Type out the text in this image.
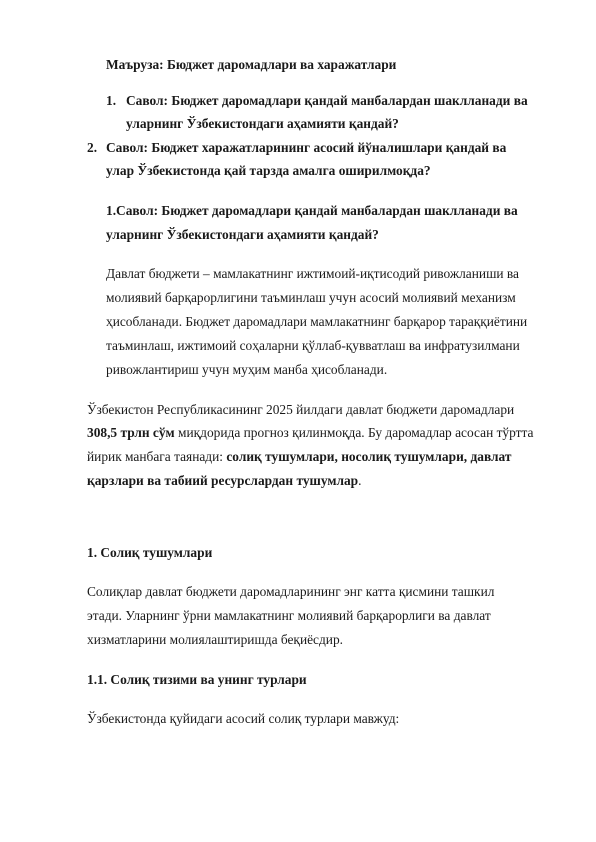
Маъруза: Бюджет даромадлари ва харажатлари
1. Савол: Бюджет даромадлари қандай манбалардан шаклланади ва
уларнинг Ўзбекистондаги аҳамияти қандай?
2. Савол: Бюджет харажатларининг асосий йўналишлари қандай ва
улар Ўзбекистонда қай тарзда амалга оширилмоқда?
1.Савол: Бюджет даромадлари қандай манбалардан шаклланади ва
уларнинг Ўзбекистондаги аҳамияти қандай?
Давлат бюджети – мамлакатнинг ижтимоий-иқтисодий ривожланиши ва
молиявий барқарорлигини таъминлаш учун асосий молиявий механизм
ҳисобланади. Бюджет даромадлари мамлакатнинг барқарор тараққиётини
таъминлаш, ижтимоий соҳаларни қўллаб-қувватлаш ва инфратузилмани
ривожлантириш учун муҳим манба ҳисобланади.
Ўзбекистон Республикасининг 2025 йилдаги давлат бюджети даромадлари
308,5 трлн сўм миқдорида прогноз қилинмоқда. Бу даромадлар асосан тўртта
йирик манбага таянади: солиқ тушумлари, носолиқ тушумлари, давлат
қарзлари ва табиий ресурслардан тушумлар.
1. Солиқ тушумлари
Солиқлар давлат бюджети даромадларининг энг катта қисмини ташкил
этади. Уларнинг ўрни мамлакатнинг молиявий барқарорлиги ва давлат
хизматларини молиялаштиришда беқиёсдир.
1.1. Солиқ тизими ва унинг турлари
Ўзбекистонда қуйидаги асосий солиқ турлари мавжуд:
